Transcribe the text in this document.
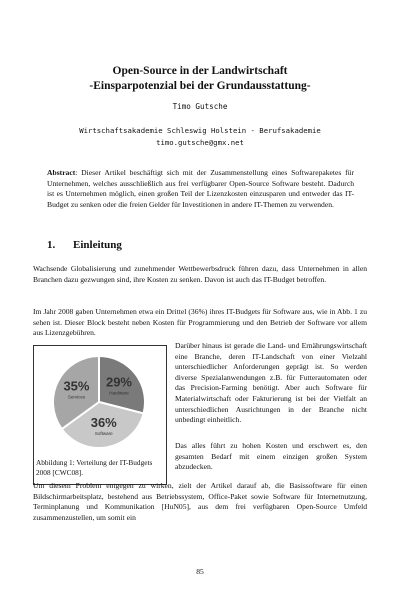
Open-Source in der Landwirtschaft
-Einsparpotenzial bei der Grundausstattung-
Timo Gutsche
Wirtschaftsakademie Schleswig Holstein - Berufsakademie
timo.gutsche@gmx.net
Abstract: Dieser Artikel beschäftigt sich mit der Zusammenstellung eines Softwarepaketes für Unternehmen, welches ausschließlich aus frei verfügbarer Open-Source Software besteht. Dadurch ist es Unternehmen möglich, einen großen Teil der Lizenzkosten einzusparen und entweder das IT-Budget zu senken oder die freien Gelder für Investitionen in andere IT-Themen zu verwenden.
1. Einleitung
Wachsende Globalisierung und zunehmender Wettbewerbsdruck führen dazu, dass Unternehmen in allen Branchen dazu gezwungen sind, ihre Kosten zu senken. Davon ist auch das IT-Budget betroffen.
Im Jahr 2008 gaben Unternehmen etwa ein Drittel (36%) ihres IT-Budgets für Software aus, wie in Abb. 1 zu sehen ist. Dieser Block besteht neben Kosten für Programmierung und den Betrieb der Software vor allem aus Lizenzgebühren.
29%
Hardware
36%
Software
35%
Services
Abbildung 1: Verteilung der IT-Budgets 2008 [CWC08].
Darüber hinaus ist gerade die Land- und Ernährungswirtschaft eine Branche, deren IT-Landschaft von einer Vielzahl unterschiedlicher Anforderungen geprägt ist. So werden diverse Spezialanwendungen z.B. für Futterautomaten oder das Precision-Farming benötigt. Aber auch Software für Materialwirtschaft oder Fakturierung ist bei der Vielfalt an unterschiedlichen Ausrichtungen in der Branche nicht unbedingt einheitlich.
Das alles führt zu hohen Kosten und erschwert es, den gesamten Bedarf mit einem einzigen großen System abzudecken.
Um diesem Problem entgegen zu wirken, zielt der Artikel darauf ab, die Basissoftware für einen Bildschirmarbeitsplatz, bestehend aus Betriebssystem, Office-Paket sowie Software für Internetnutzung, Terminplanung und Kommunikation [HuN05], aus dem frei verfügbaren Open-Source Umfeld zusammenzustellen, um somit ein
85
